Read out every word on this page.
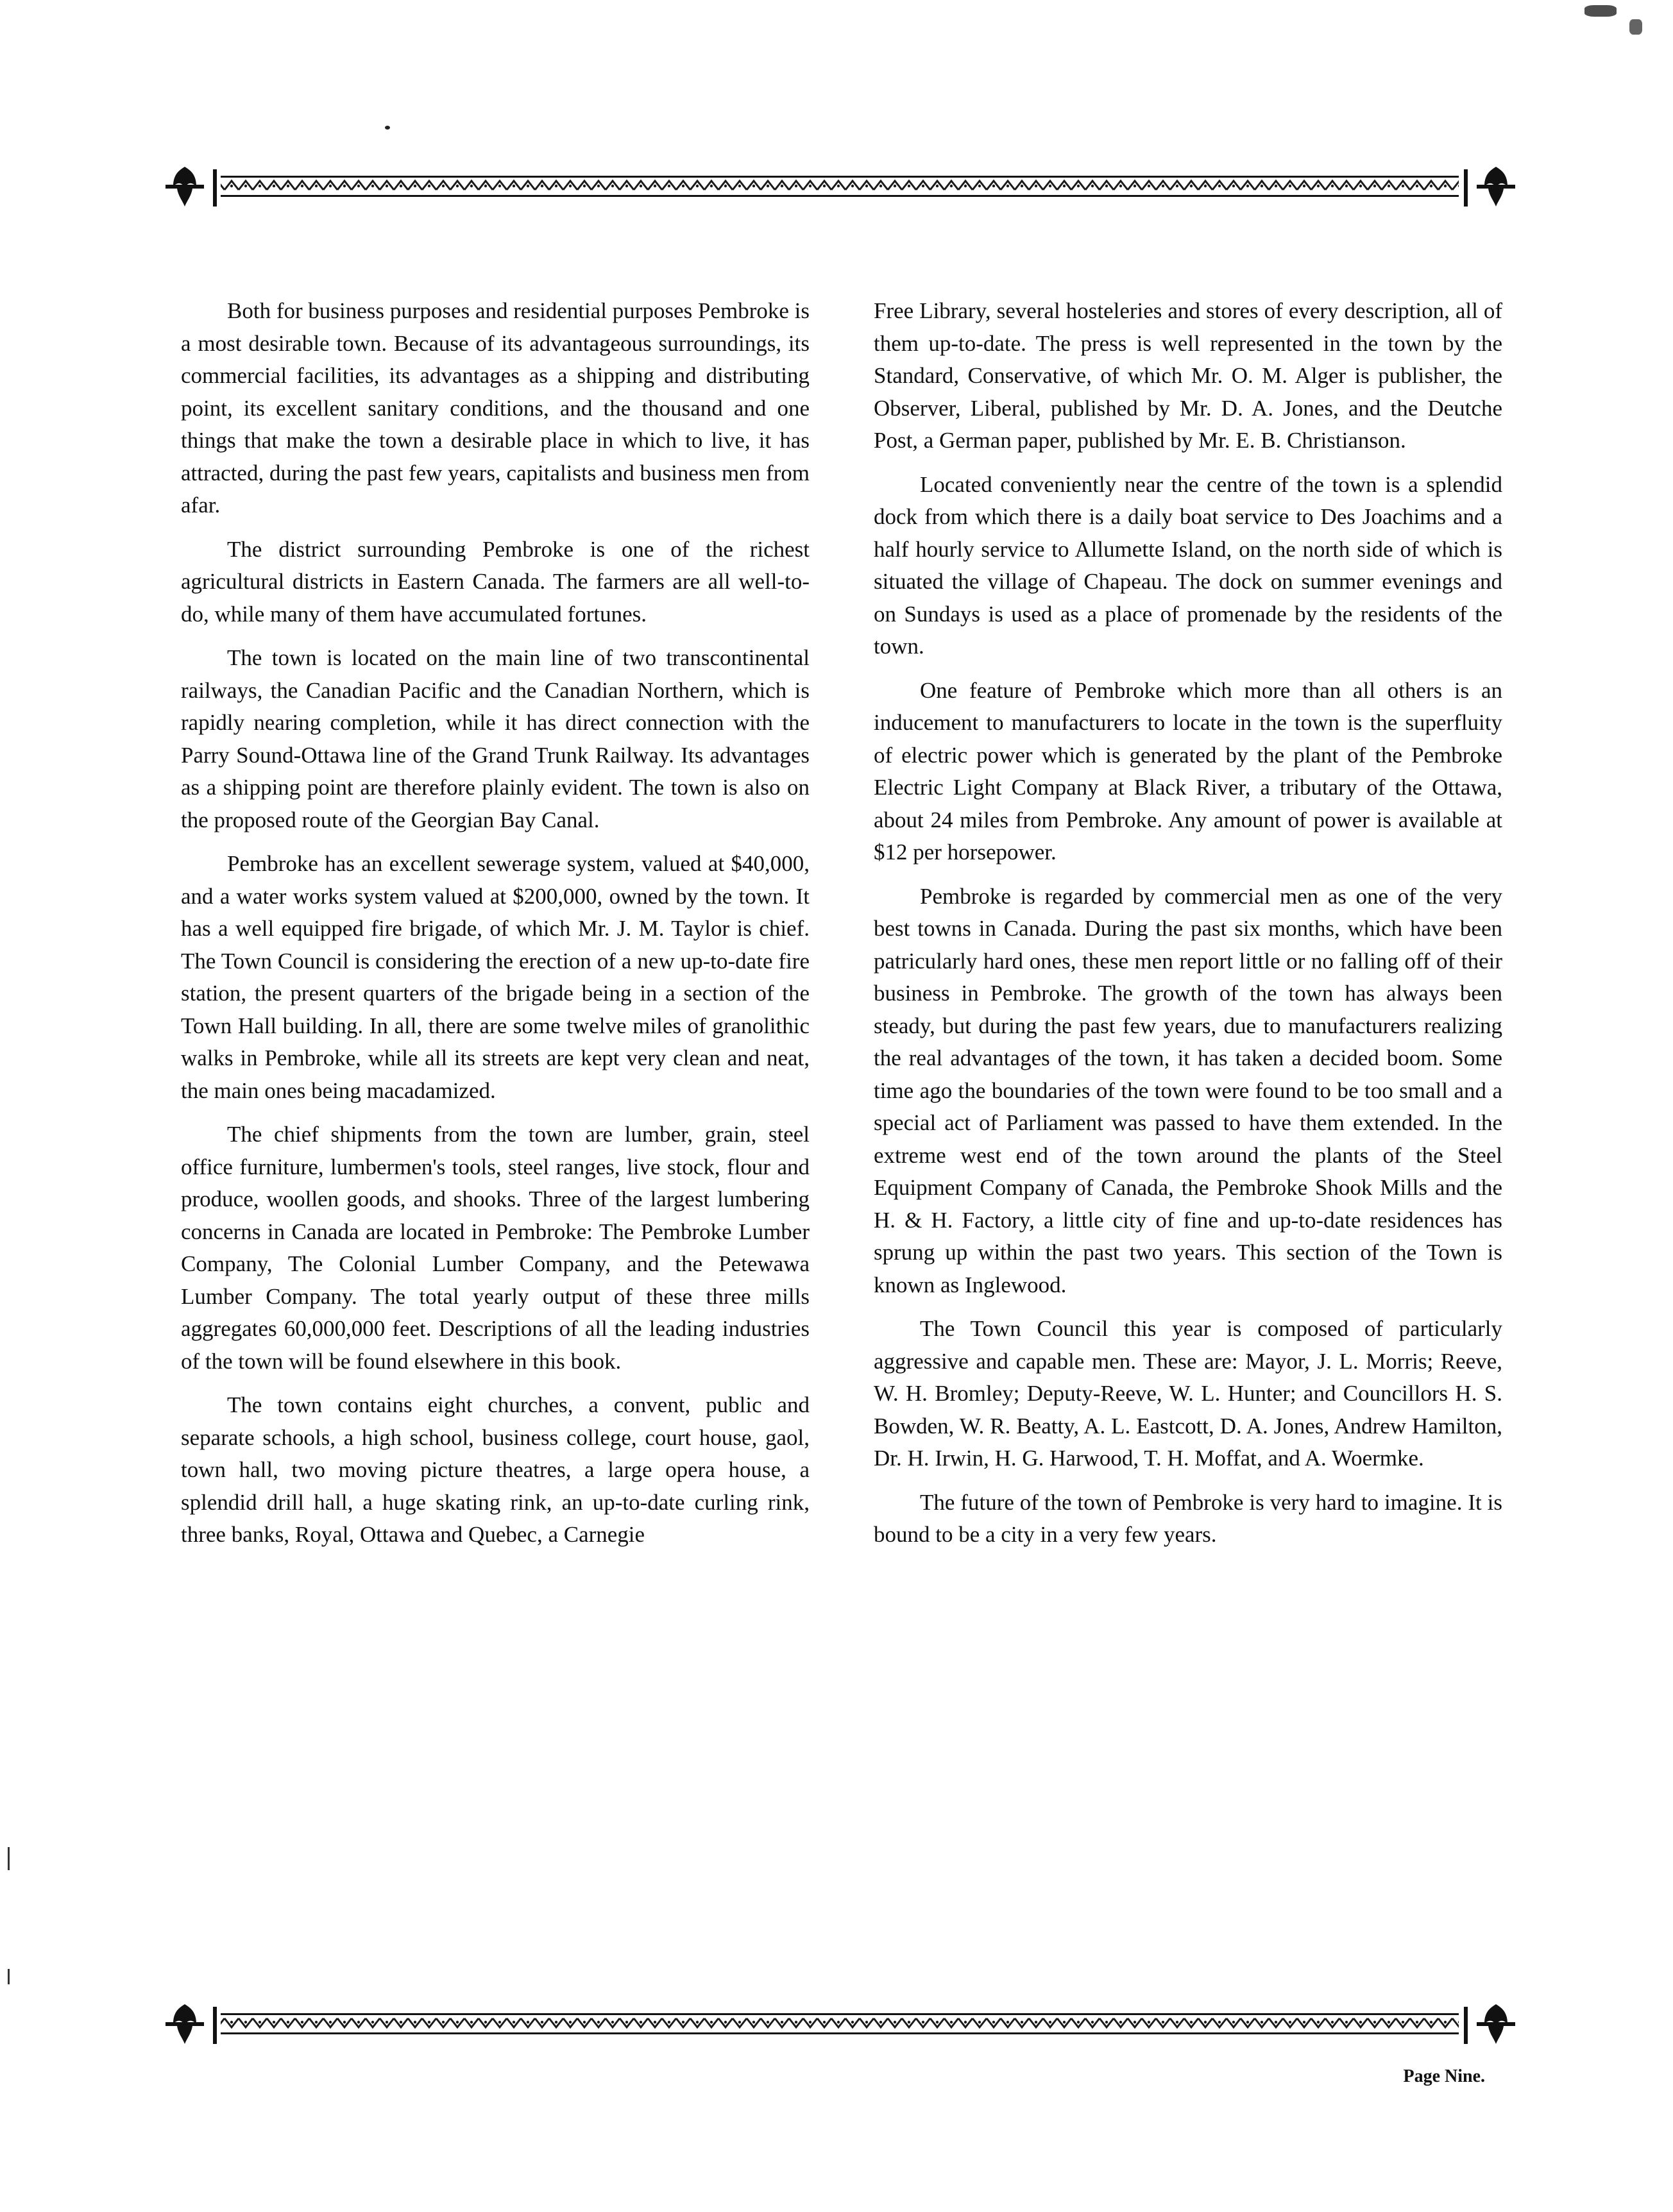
Both for business purposes and residential purposes Pembroke is a most desirable town. Because of its advantageous surroundings, its commercial facilities, its advantages as a shipping and distributing point, its excellent sanitary conditions, and the thousand and one things that make the town a desirable place in which to live, it has attracted, during the past few years, capitalists and business men from afar.

The district surrounding Pembroke is one of the richest agricultural districts in Eastern Canada. The farmers are all well-to-do, while many of them have accumulated fortunes.

The town is located on the main line of two transcontinental railways, the Canadian Pacific and the Canadian Northern, which is rapidly nearing completion, while it has direct connection with the Parry Sound-Ottawa line of the Grand Trunk Railway. Its advantages as a shipping point are therefore plainly evident. The town is also on the proposed route of the Georgian Bay Canal.

Pembroke has an excellent sewerage system, valued at $40,000, and a water works system valued at $200,000, owned by the town. It has a well equipped fire brigade, of which Mr. J. M. Taylor is chief. The Town Council is considering the erection of a new up-to-date fire station, the present quarters of the brigade being in a section of the Town Hall building. In all, there are some twelve miles of granolithic walks in Pembroke, while all its streets are kept very clean and neat, the main ones being macadamized.

The chief shipments from the town are lumber, grain, steel office furniture, lumbermen's tools, steel ranges, live stock, flour and produce, woollen goods, and shooks. Three of the largest lumbering concerns in Canada are located in Pembroke: The Pembroke Lumber Company, The Colonial Lumber Company, and the Petewawa Lumber Company. The total yearly output of these three mills aggregates 60,000,000 feet. Descriptions of all the leading industries of the town will be found elsewhere in this book.

The town contains eight churches, a convent, public and separate schools, a high school, business college, court house, gaol, town hall, two moving picture theatres, a large opera house, a splendid drill hall, a huge skating rink, an up-to-date curling rink, three banks, Royal, Ottawa and Quebec, a Carnegie

Free Library, several hosteleries and stores of every description, all of them up-to-date. The press is well represented in the town by the Standard, Conservative, of which Mr. O. M. Alger is publisher, the Observer, Liberal, published by Mr. D. A. Jones, and the Deutche Post, a German paper, published by Mr. E. B. Christianson.

Located conveniently near the centre of the town is a splendid dock from which there is a daily boat service to Des Joachims and a half hourly service to Allumette Island, on the north side of which is situated the village of Chapeau. The dock on summer evenings and on Sundays is used as a place of promenade by the residents of the town.

One feature of Pembroke which more than all others is an inducement to manufacturers to locate in the town is the superfluity of electric power which is generated by the plant of the Pembroke Electric Light Company at Black River, a tributary of the Ottawa, about 24 miles from Pembroke. Any amount of power is available at $12 per horsepower.

Pembroke is regarded by commercial men as one of the very best towns in Canada. During the past six months, which have been patricularly hard ones, these men report little or no falling off of their business in Pembroke. The growth of the town has always been steady, but during the past few years, due to manufacturers realizing the real advantages of the town, it has taken a decided boom. Some time ago the boundaries of the town were found to be too small and a special act of Parliament was passed to have them extended. In the extreme west end of the town around the plants of the Steel Equipment Company of Canada, the Pembroke Shook Mills and the H. & H. Factory, a little city of fine and up-to-date residences has sprung up within the past two years. This section of the Town is known as Inglewood.

The Town Council this year is composed of particularly aggressive and capable men. These are: Mayor, J. L. Morris; Reeve, W. H. Bromley; Deputy-Reeve, W. L. Hunter; and Councillors H. S. Bowden, W. R. Beatty, A. L. Eastcott, D. A. Jones, Andrew Hamilton, Dr. H. Irwin, H. G. Harwood, T. H. Moffat, and A. Woermke.

The future of the town of Pembroke is very hard to imagine. It is bound to be a city in a very few years.

Page Nine.
